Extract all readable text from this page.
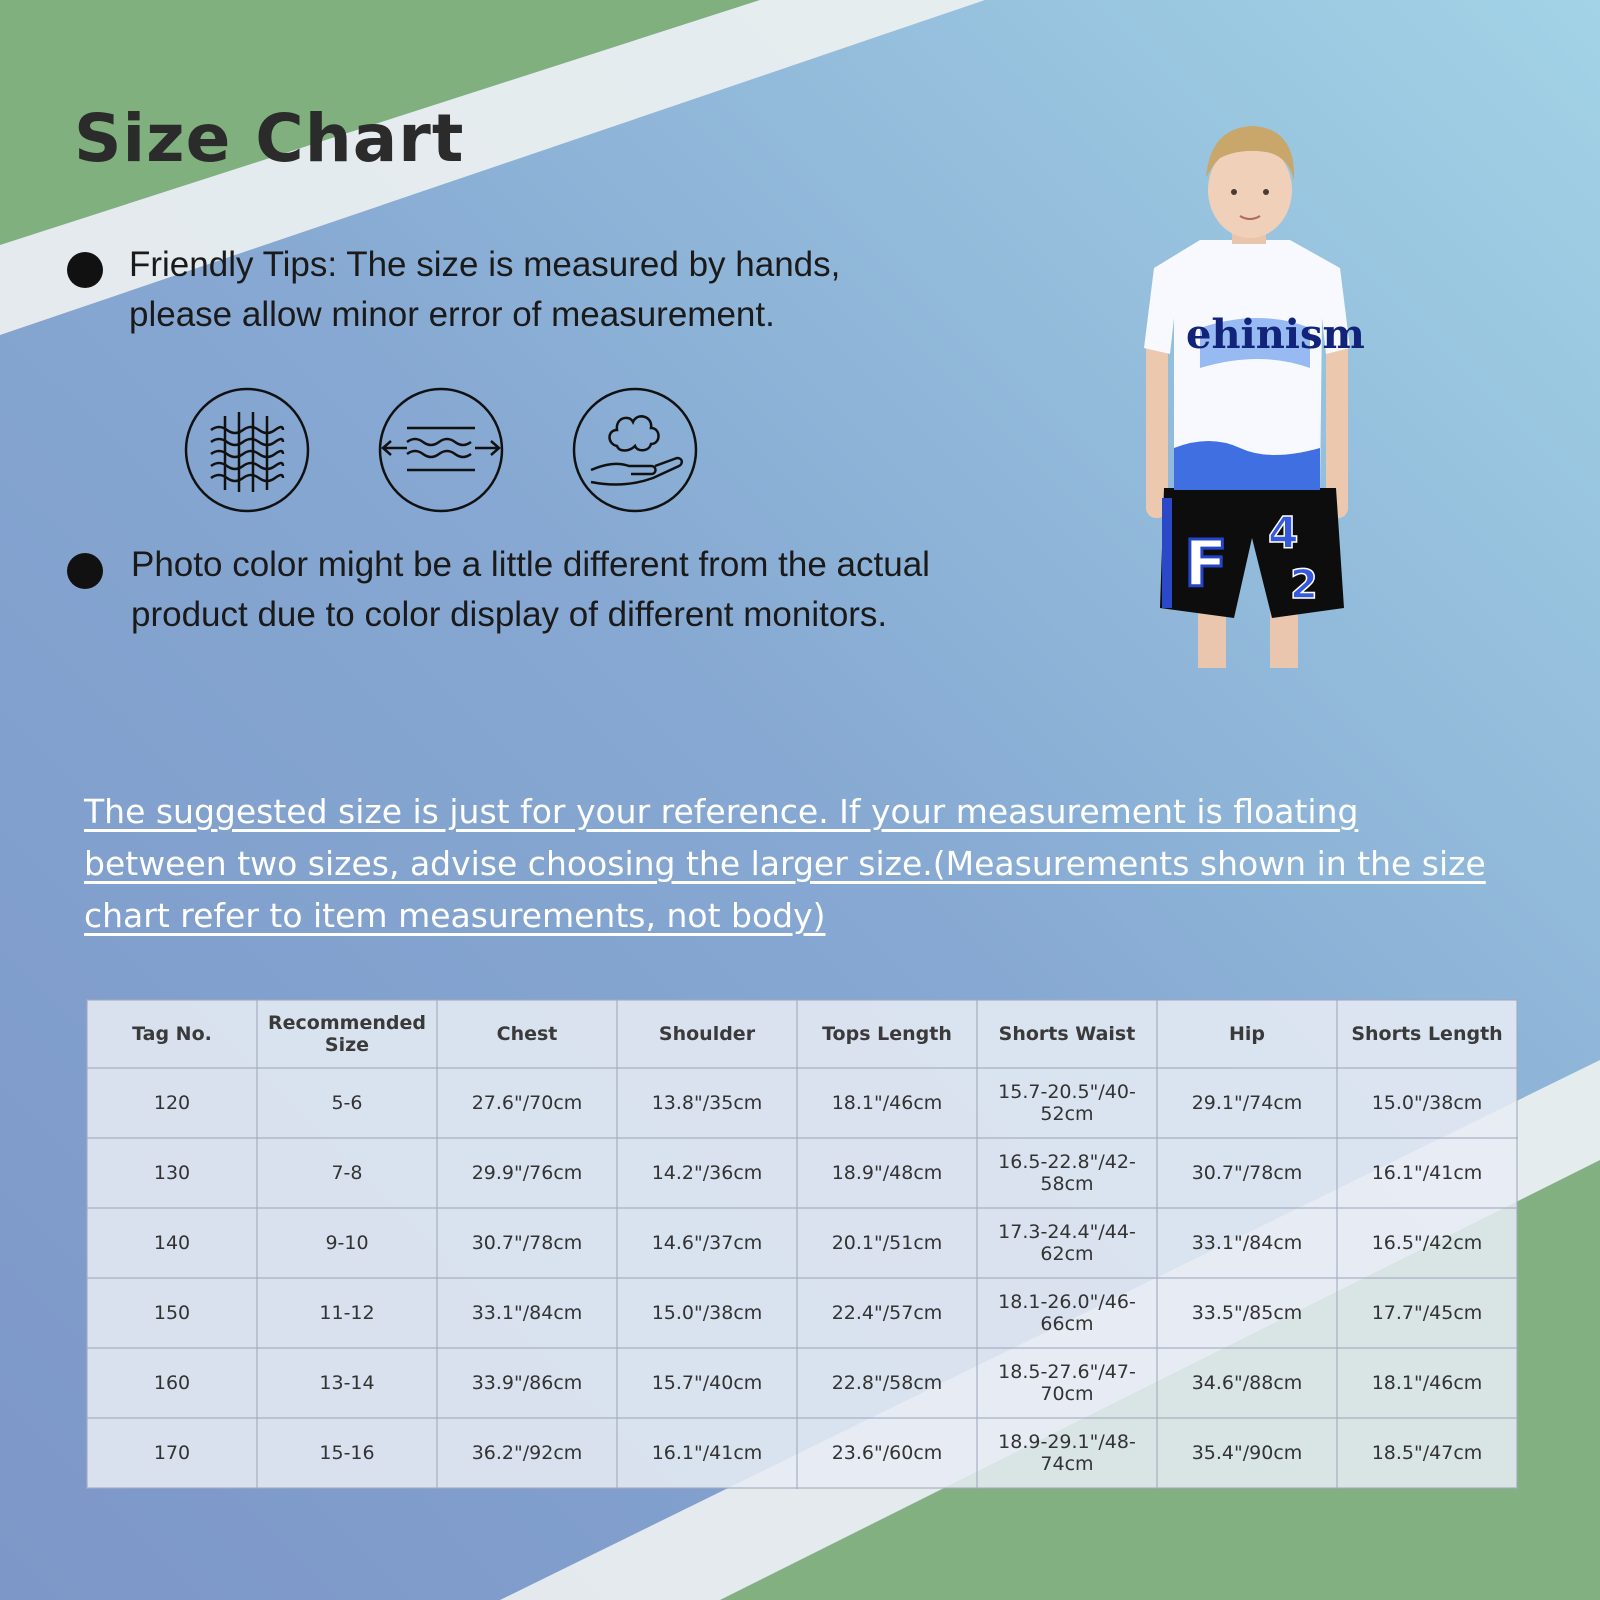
Size Chart
Friendly Tips: The size is measured by hands, please allow minor error of measurement.
Photo color might be a little different from the actual product due to color display of different monitors.
F 4
2
ehinism
The suggested size is just for your reference. If your measurement is floating between two sizes, advise choosing the larger size.(Measurements shown in the size chart refer to item measurements, not body)
Tag No.	Recommended Size	Chest	Shoulder	Tops Length	Shorts Waist	Hip	Shorts Length
120	5-6	27.6"/70cm	13.8"/35cm	18.1"/46cm	15.7-20.5"/40-52cm	29.1"/74cm	15.0"/38cm
130	7-8	29.9"/76cm	14.2"/36cm	18.9"/48cm	16.5-22.8"/42-58cm	30.7"/78cm	16.1"/41cm
140	9-10	30.7"/78cm	14.6"/37cm	20.1"/51cm	17.3-24.4"/44-62cm	33.1"/84cm	16.5"/42cm
150	11-12	33.1"/84cm	15.0"/38cm	22.4"/57cm	18.1-26.0"/46-66cm	33.5"/85cm	17.7"/45cm
160	13-14	33.9"/86cm	15.7"/40cm	22.8"/58cm	18.5-27.6"/47-70cm	34.6"/88cm	18.1"/46cm
170	15-16	36.2"/92cm	16.1"/41cm	23.6"/60cm	18.9-29.1"/48-74cm	35.4"/90cm	18.5"/47cm
